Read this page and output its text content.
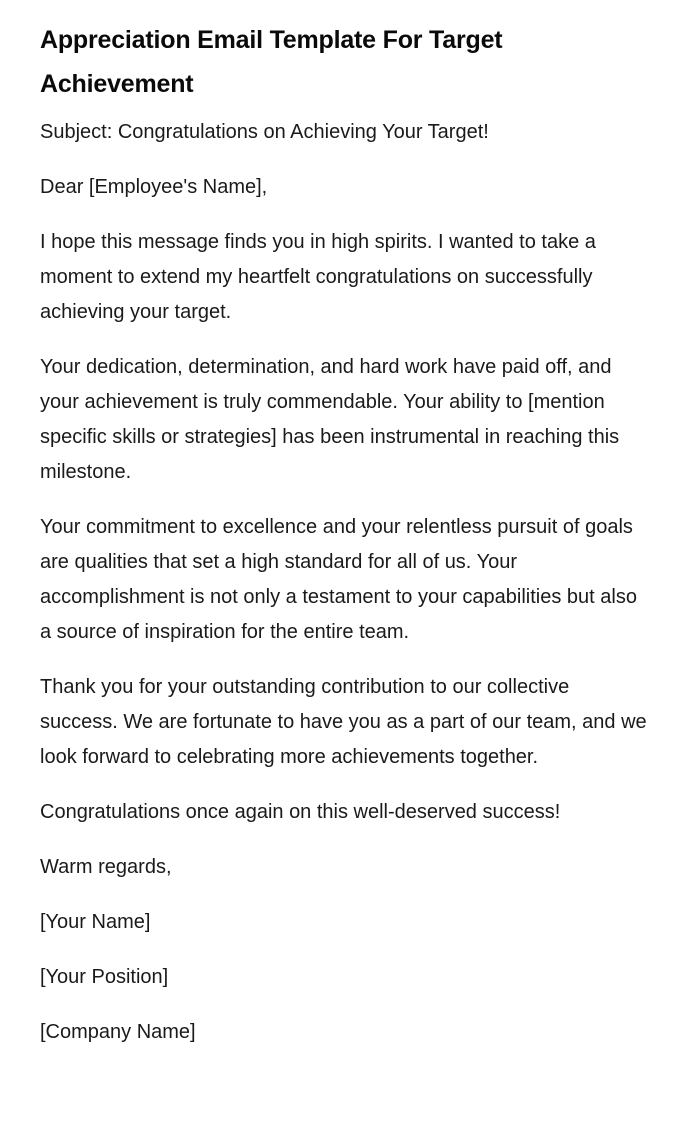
Appreciation Email Template For Target Achievement

Subject: Congratulations on Achieving Your Target!

Dear [Employee's Name],

I hope this message finds you in high spirits. I wanted to take a moment to extend my heartfelt congratulations on successfully achieving your target.

Your dedication, determination, and hard work have paid off, and your achievement is truly commendable. Your ability to [mention specific skills or strategies] has been instrumental in reaching this milestone.

Your commitment to excellence and your relentless pursuit of goals are qualities that set a high standard for all of us. Your accomplishment is not only a testament to your capabilities but also a source of inspiration for the entire team.

Thank you for your outstanding contribution to our collective success. We are fortunate to have you as a part of our team, and we look forward to celebrating more achievements together.

Congratulations once again on this well-deserved success!

Warm regards,

[Your Name]

[Your Position]

[Company Name]
